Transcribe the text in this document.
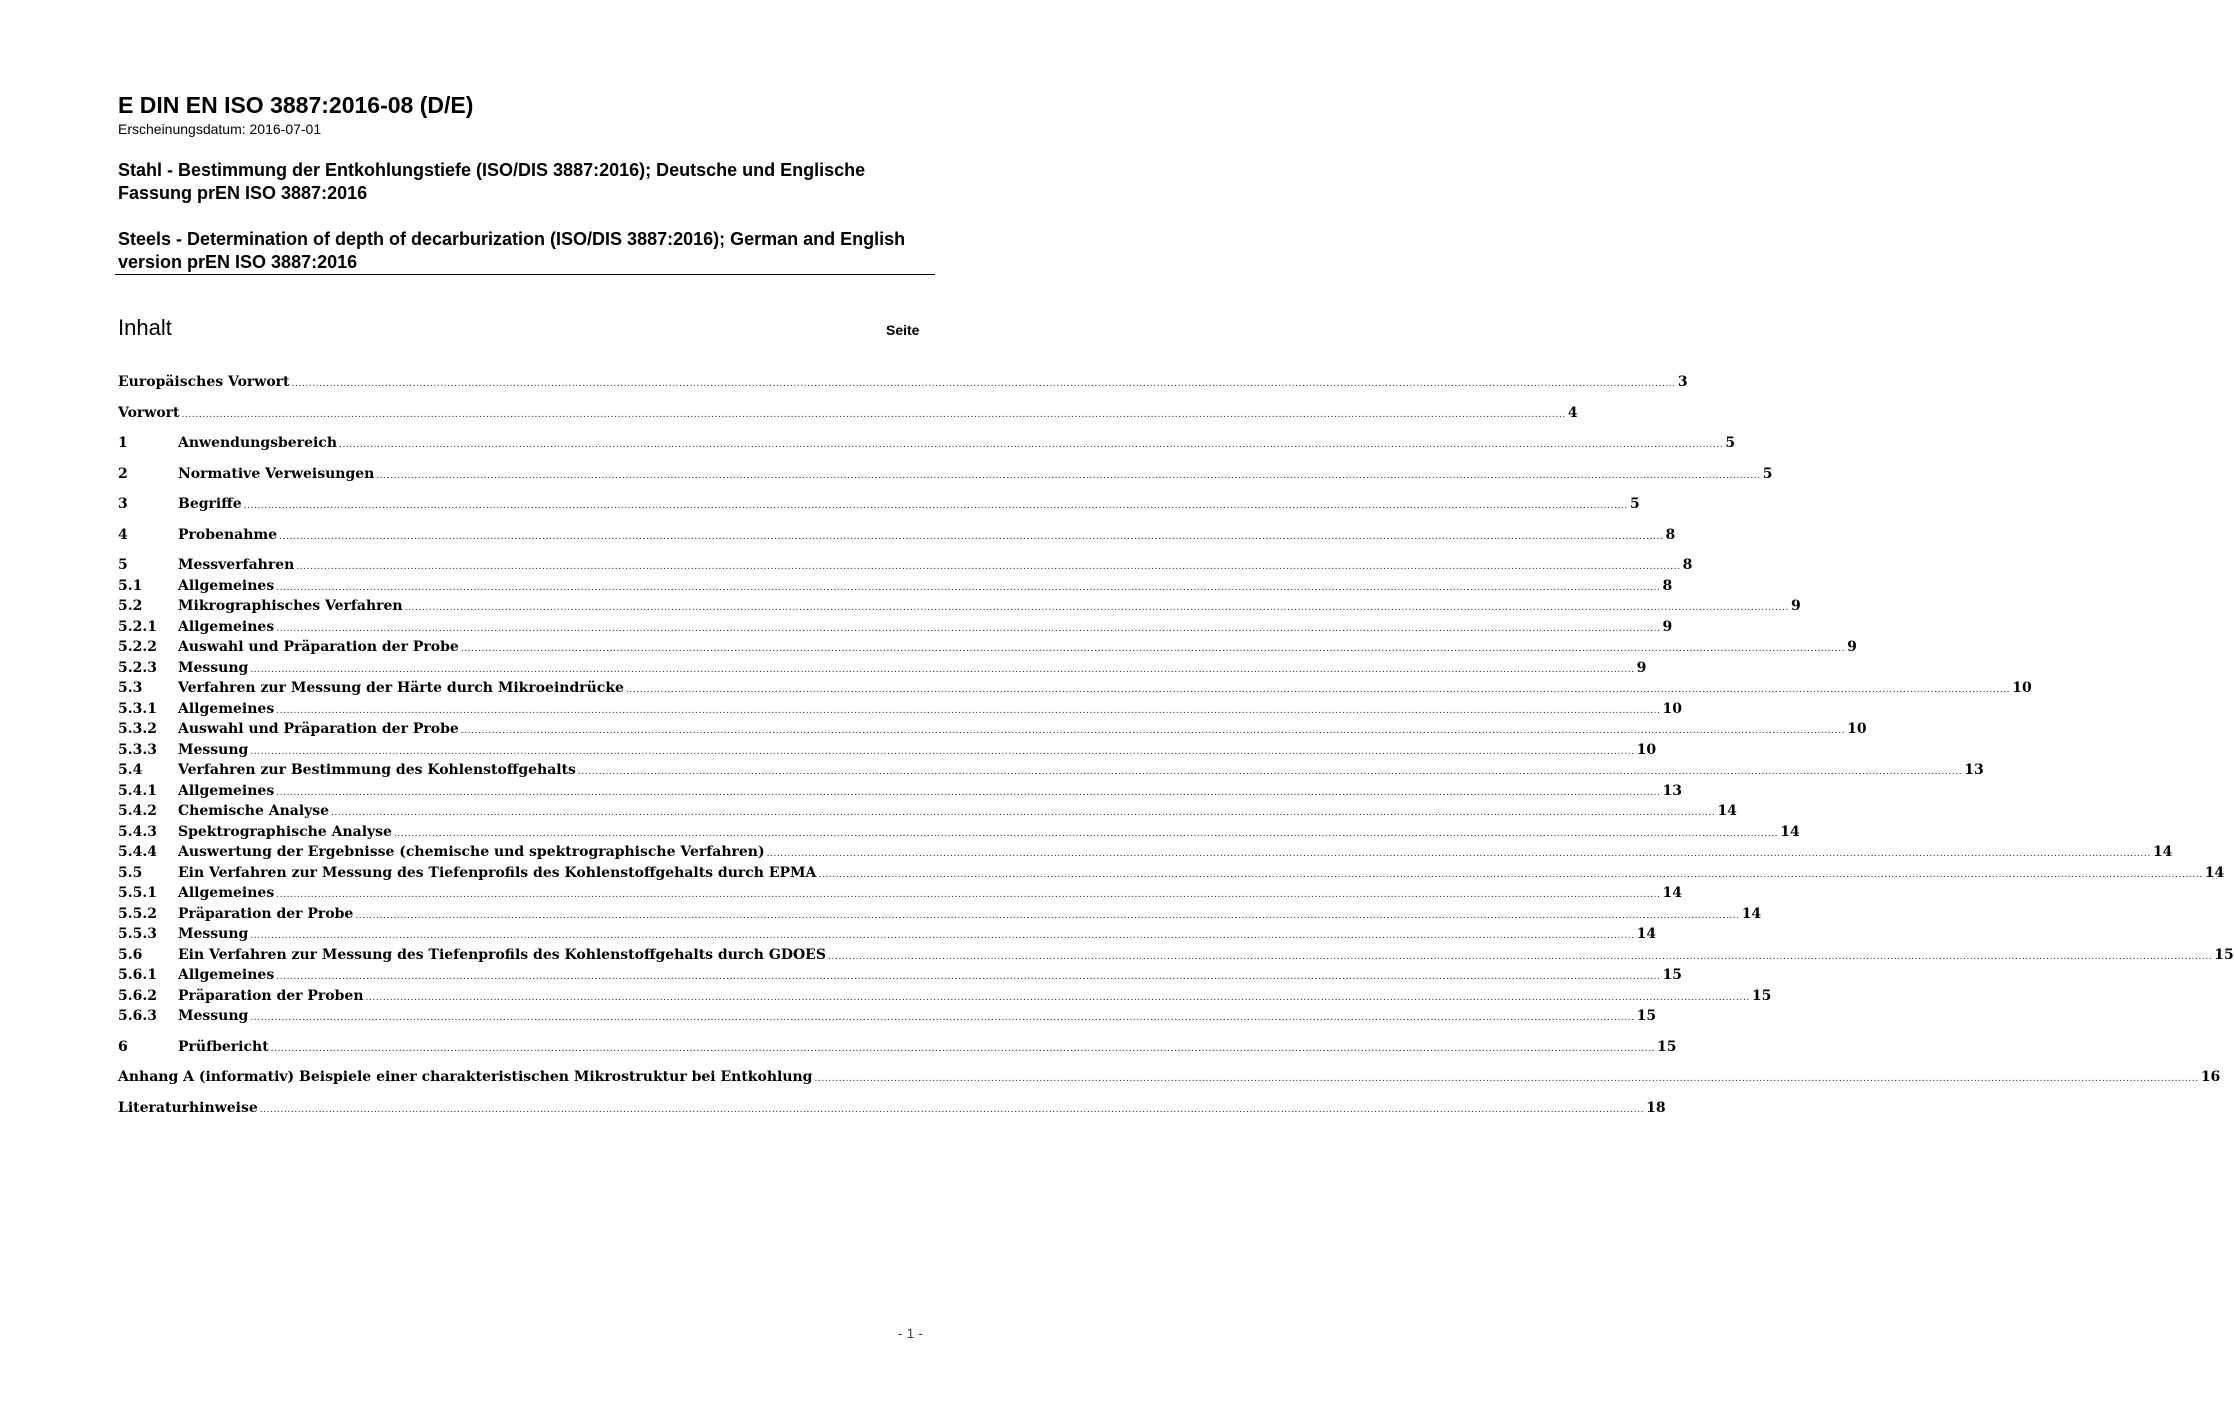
E DIN EN ISO 3887:2016-08 (D/E)
Erscheinungsdatum: 2016-07-01
Stahl - Bestimmung der Entkohlungstiefe (ISO/DIS 3887:2016); Deutsche und Englische Fassung prEN ISO 3887:2016
Steels - Determination of depth of decarburization (ISO/DIS 3887:2016); German and English version prEN ISO 3887:2016
Inhalt	Seite
Europäisches Vorwort ................................................................................................................................................................................................................................................................................................................................................................................................................ 3
Vorwort ................................................................................................................................................................................................................................................................................................................................................................................................................ 4
1	Anwendungsbereich ................................................................................................................................................................................................................................................................................................................................................................................................................ 5
2	Normative Verweisungen ................................................................................................................................................................................................................................................................................................................................................................................................................ 5
3	Begriffe ................................................................................................................................................................................................................................................................................................................................................................................................................ 5
4	Probenahme ................................................................................................................................................................................................................................................................................................................................................................................................................ 8
5	Messverfahren ................................................................................................................................................................................................................................................................................................................................................................................................................ 8
5.1	Allgemeines ................................................................................................................................................................................................................................................................................................................................................................................................................ 8
5.2	Mikrographisches Verfahren ................................................................................................................................................................................................................................................................................................................................................................................................................ 9
5.2.1	Allgemeines ................................................................................................................................................................................................................................................................................................................................................................................................................ 9
5.2.2	Auswahl und Präparation der Probe ................................................................................................................................................................................................................................................................................................................................................................................................................ 9
5.2.3	Messung ................................................................................................................................................................................................................................................................................................................................................................................................................ 9
5.3	Verfahren zur Messung der Härte durch Mikroeindrücke ................................................................................................................................................................................................................................................................................................................................................................................................................ 10
5.3.1	Allgemeines ................................................................................................................................................................................................................................................................................................................................................................................................................ 10
5.3.2	Auswahl und Präparation der Probe ................................................................................................................................................................................................................................................................................................................................................................................................................ 10
5.3.3	Messung ................................................................................................................................................................................................................................................................................................................................................................................................................ 10
5.4	Verfahren zur Bestimmung des Kohlenstoffgehalts ................................................................................................................................................................................................................................................................................................................................................................................................................ 13
5.4.1	Allgemeines ................................................................................................................................................................................................................................................................................................................................................................................................................ 13
5.4.2	Chemische Analyse ................................................................................................................................................................................................................................................................................................................................................................................................................ 14
5.4.3	Spektrographische Analyse ................................................................................................................................................................................................................................................................................................................................................................................................................ 14
5.4.4	Auswertung der Ergebnisse (chemische und spektrographische Verfahren) ................................................................................................................................................................................................................................................................................................................................................................................................................ 14
5.5	Ein Verfahren zur Messung des Tiefenprofils des Kohlenstoffgehalts durch EPMA ................................................................................................................................................................................................................................................................................................................................................................................................................ 14
5.5.1	Allgemeines ................................................................................................................................................................................................................................................................................................................................................................................................................ 14
5.5.2	Präparation der Probe ................................................................................................................................................................................................................................................................................................................................................................................................................ 14
5.5.3	Messung ................................................................................................................................................................................................................................................................................................................................................................................................................ 14
5.6	Ein Verfahren zur Messung des Tiefenprofils des Kohlenstoffgehalts durch GDOES ................................................................................................................................................................................................................................................................................................................................................................................................................ 15
5.6.1	Allgemeines ................................................................................................................................................................................................................................................................................................................................................................................................................ 15
5.6.2	Präparation der Proben ................................................................................................................................................................................................................................................................................................................................................................................................................ 15
5.6.3	Messung ................................................................................................................................................................................................................................................................................................................................................................................................................ 15
6	Prüfbericht ................................................................................................................................................................................................................................................................................................................................................................................................................ 15
Anhang A (informativ) Beispiele einer charakteristischen Mikrostruktur bei Entkohlung ................................................................................................................................................................................................................................................................................................................................................................................................................ 16
Literaturhinweise ................................................................................................................................................................................................................................................................................................................................................................................................................ 18
- 1 -
